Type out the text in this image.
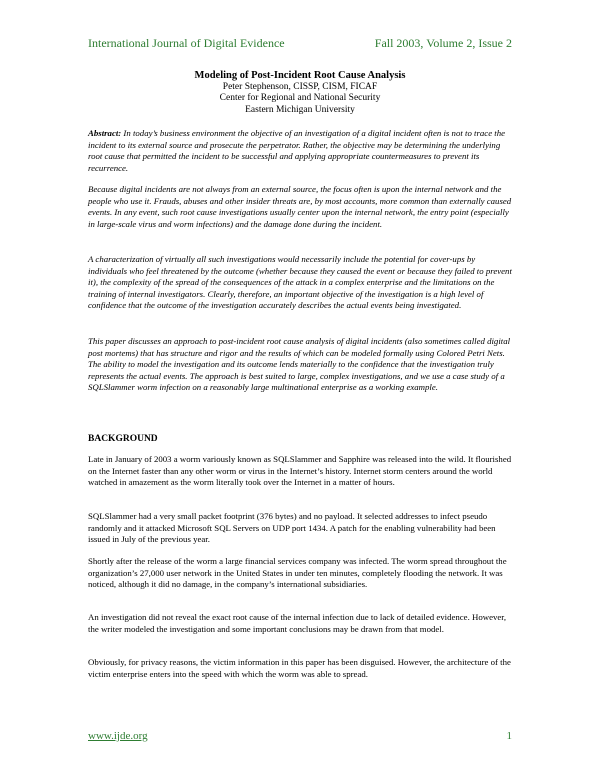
International Journal of Digital Evidence	Fall 2003, Volume 2, Issue 2
Modeling of Post-Incident Root Cause Analysis
Peter Stephenson, CISSP, CISM, FICAF
Center for Regional and National Security
Eastern Michigan University

Abstract: In today’s business environment the objective of an investigation of a digital incident often is not to trace the incident to its external source and prosecute the perpetrator. Rather, the objective may be determining the underlying root cause that permitted the incident to be successful and applying appropriate countermeasures to prevent its recurrence.

Because digital incidents are not always from an external source, the focus often is upon the internal network and the people who use it. Frauds, abuses and other insider threats are, by most accounts, more common than externally caused events. In any event, such root cause investigations usually center upon the internal network, the entry point (especially in large-scale virus and worm infections) and the damage done during the incident.

A characterization of virtually all such investigations would necessarily include the potential for cover-ups by individuals who feel threatened by the outcome (whether because they caused the event or because they failed to prevent it), the complexity of the spread of the consequences of the attack in a complex enterprise and the limitations on the training of internal investigators. Clearly, therefore, an important objective of the investigation is a high level of confidence that the outcome of the investigation accurately describes the actual events being investigated.

This paper discusses an approach to post-incident root cause analysis of digital incidents (also sometimes called digital post mortems) that has structure and rigor and the results of which can be modeled formally using Colored Petri Nets. The ability to model the investigation and its outcome lends materially to the confidence that the investigation truly represents the actual events. The approach is best suited to large, complex investigations, and we use a case study of a SQLSlammer worm infection on a reasonably large multinational enterprise as a working example.

BACKGROUND

Late in January of 2003 a worm variously known as SQLSlammer and Sapphire was released into the wild. It flourished on the Internet faster than any other worm or virus in the Internet’s history. Internet storm centers around the world watched in amazement as the worm literally took over the Internet in a matter of hours.

SQLSlammer had a very small packet footprint (376 bytes) and no payload. It selected addresses to infect pseudo randomly and it attacked Microsoft SQL Servers on UDP port 1434. A patch for the enabling vulnerability had been issued in July of the previous year.

Shortly after the release of the worm a large financial services company was infected. The worm spread throughout the organization’s 27,000 user network in the United States in under ten minutes, completely flooding the network. It was noticed, although it did no damage, in the company’s international subsidiaries.

An investigation did not reveal the exact root cause of the internal infection due to lack of detailed evidence. However, the writer modeled the investigation and some important conclusions may be drawn from that model.

Obviously, for privacy reasons, the victim information in this paper has been disguised. However, the architecture of the victim enterprise enters into the speed with which the worm was able to spread.

www.ijde.org	1
